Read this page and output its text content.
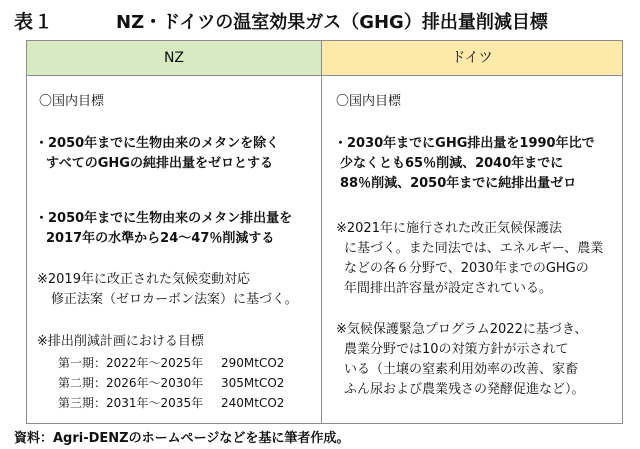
表１	NZ・ドイツの温室効果ガス（GHG）排出量削減目標
NZ	ドイツ
〇国内目標
・2050年までに生物由来のメタンを除く
すべてのGHGの純排出量をゼロとする
・2050年までに生物由来のメタン排出量を
2017年の水準から24～47％削減する
※2019年に改正された気候変動対応
修正法案（ゼロカーボン法案）に基づく。
※排出削減計画における目標
第一期：2022年～2025年 290MtCO2
第二期：2026年～2030年 305MtCO2
第三期：2031年～2035年 240MtCO2
〇国内目標
・2030年までにGHG排出量を1990年比で
少なくとも65％削減、2040年までに
88％削減、2050年までに純排出量ゼロ
※2021年に施行された改正気候保護法
に基づく。また同法では、エネルギー、農業
などの各６分野で、2030年までのGHGの
年間排出許容量が設定されている。
※気候保護緊急プログラム2022に基づき、
農業分野では10の対策方針が示されて
いる（土壌の窒素利用効率の改善、家畜
ふん尿および農業残さの発酵促進など）。
資料：Agri-DENZのホームページなどを基に筆者作成。
